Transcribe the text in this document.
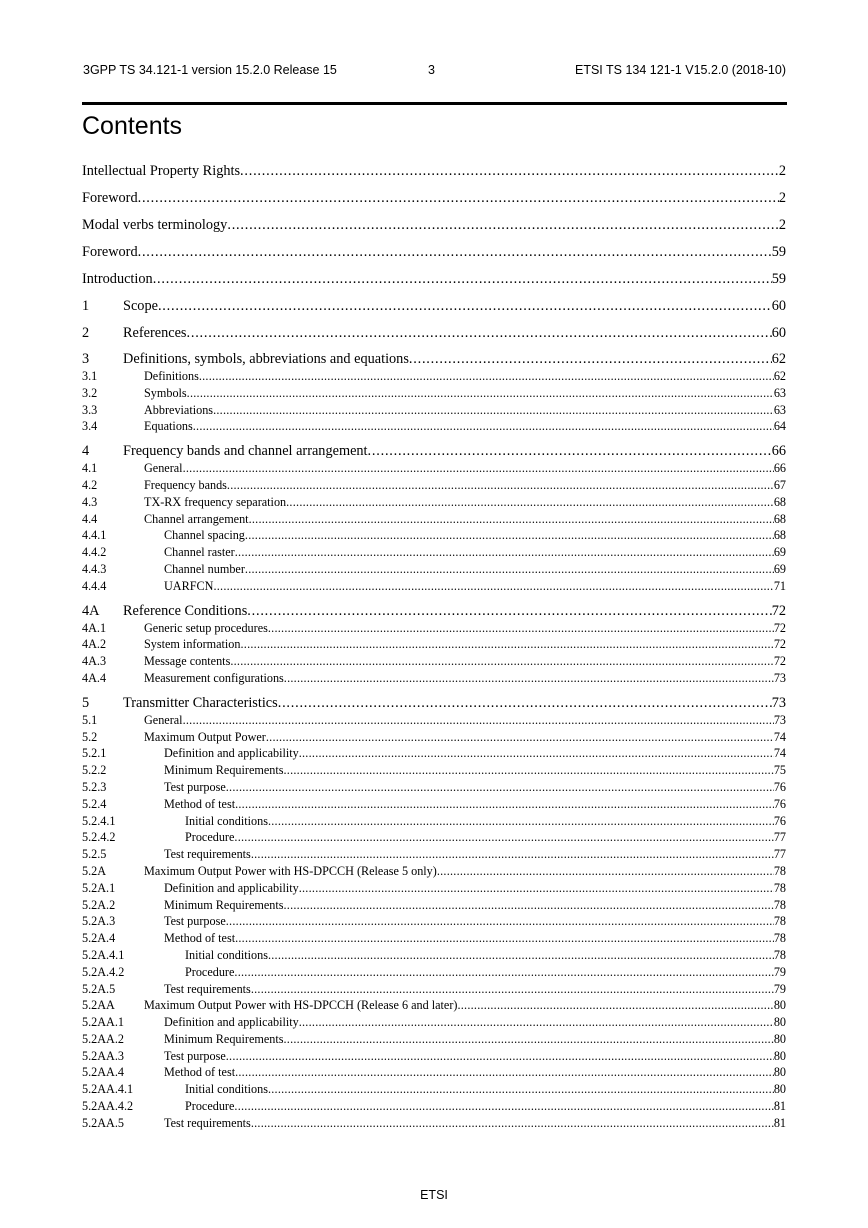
3GPP TS 34.121-1 version 15.2.0 Release 15	3	ETSI TS 134 121-1 V15.2.0 (2018-10)
Contents
Intellectual Property Rights . . .	2
Foreword . . .	2
Modal verbs terminology . . .	2
Foreword . . .	59
Introduction . . .	59
1	Scope . . .	60
2	References . . .	60
3	Definitions, symbols, abbreviations and equations . . .	62
3.1	Definitions . . .	62
3.2	Symbols . . .	63
3.3	Abbreviations . . .	63
3.4	Equations . . .	64
4	Frequency bands and channel arrangement . . .	66
4.1	General . . .	66
4.2	Frequency bands . . .	67
4.3	TX-RX frequency separation . . .	68
4.4	Channel arrangement . . .	68
4.4.1	Channel spacing . . .	68
4.4.2	Channel raster . . .	69
4.4.3	Channel number . . .	69
4.4.4	UARFCN . . .	71
4A	Reference Conditions . . .	72
4A.1	Generic setup procedures . . .	72
4A.2	System information . . .	72
4A.3	Message contents . . .	72
4A.4	Measurement configurations . . .	73
5	Transmitter Characteristics . . .	73
5.1	General . . .	73
5.2	Maximum Output Power . . .	74
5.2.1	Definition and applicability . . .	74
5.2.2	Minimum Requirements . . .	75
5.2.3	Test purpose . . .	76
5.2.4	Method of test . . .	76
5.2.4.1	Initial conditions . . .	76
5.2.4.2	Procedure . . .	77
5.2.5	Test requirements . . .	77
5.2A	Maximum Output Power with HS-DPCCH (Release 5 only) . . .	78
5.2A.1	Definition and applicability . . .	78
5.2A.2	Minimum Requirements . . .	78
5.2A.3	Test purpose . . .	78
5.2A.4	Method of test . . .	78
5.2A.4.1	Initial conditions . . .	78
5.2A.4.2	Procedure . . .	79
5.2A.5	Test requirements . . .	79
5.2AA	Maximum Output Power with HS-DPCCH (Release 6 and later) . . .	80
5.2AA.1	Definition and applicability . . .	80
5.2AA.2	Minimum Requirements . . .	80
5.2AA.3	Test purpose . . .	80
5.2AA.4	Method of test . . .	80
5.2AA.4.1	Initial conditions . . .	80
5.2AA.4.2	Procedure . . .	81
5.2AA.5	Test requirements . . .	81
ETSI
